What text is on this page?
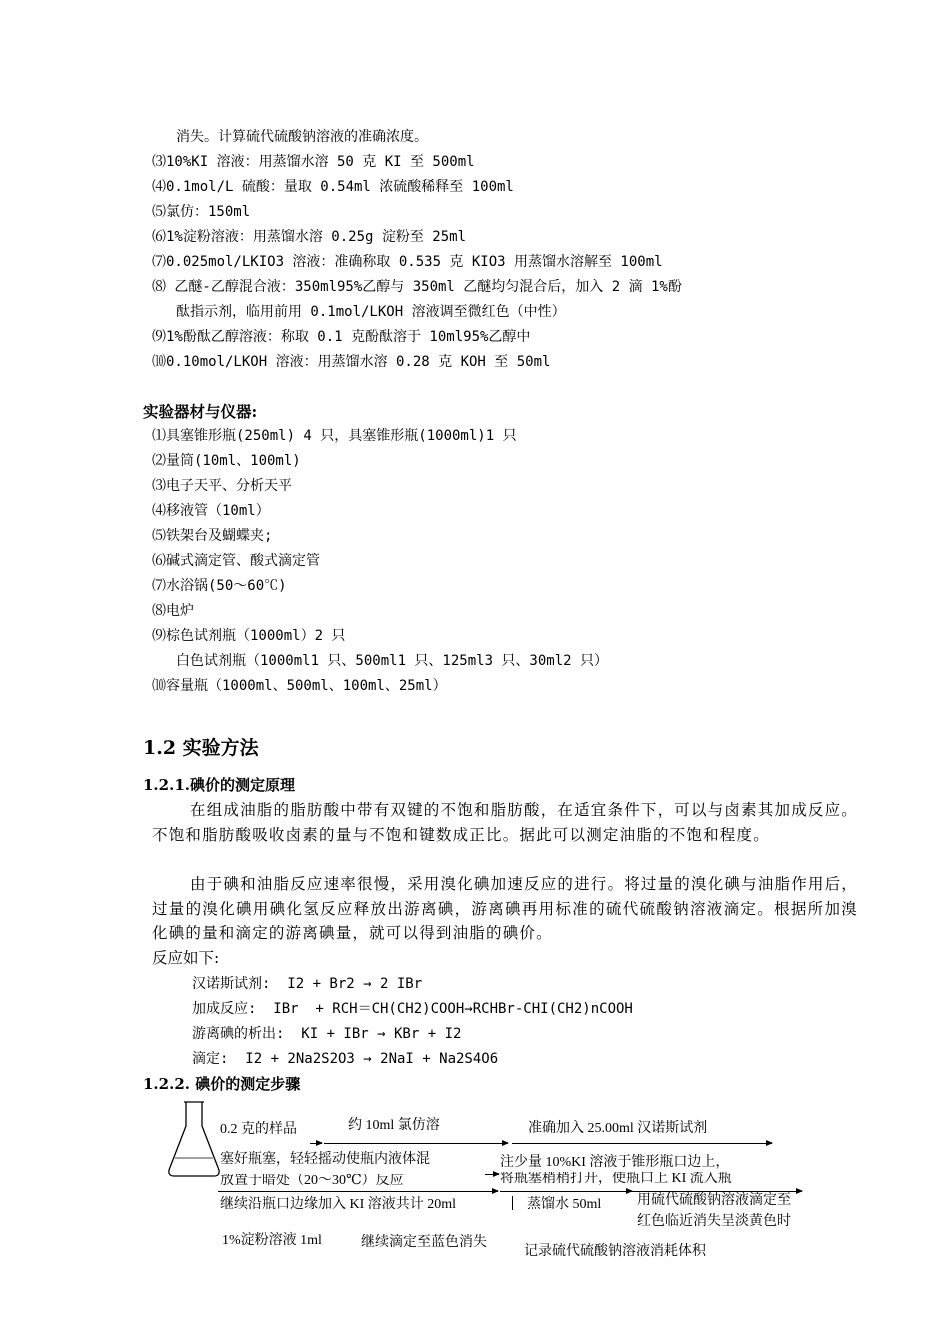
消失。计算硫代硫酸钠溶液的准确浓度。
⑶10%KI 溶液：用蒸馏水溶 50 克 KI 至 500ml
⑷0.1mol/L 硫酸：量取 0.54ml 浓硫酸稀释至 100ml
⑸氯仿：150ml
⑹1%淀粉溶液：用蒸馏水溶 0.25g 淀粉至 25ml
⑺0.025mol/LKIO3 溶液：准确称取 0.535 克 KIO3 用蒸馏水溶解至 100ml
⑻ 乙醚-乙醇混合液：350ml95%乙醇与 350ml 乙醚均匀混合后，加入 2 滴 1%酚
酞指示剂，临用前用 0.1mol/LKOH 溶液调至微红色（中性）
⑼1%酚酞乙醇溶液：称取 0.1 克酚酞溶于 10ml95%乙醇中
⑽0.10mol/LKOH 溶液：用蒸馏水溶 0.28 克 KOH 至 50ml
实验器材与仪器:
⑴具塞锥形瓶(250ml) 4 只，具塞锥形瓶(1000ml)1 只
⑵量筒(10ml、100ml)
⑶电子天平、分析天平
⑷移液管（10ml）
⑸铁架台及蝴蝶夹;
⑹碱式滴定管、酸式滴定管
⑺水浴锅(50～60℃)
⑻电炉
⑼棕色试剂瓶（1000ml）2 只
白色试剂瓶（1000ml1 只、500ml1 只、125ml3 只、30ml2 只）
⑽容量瓶（1000ml、500ml、100ml、25ml）
1.2 实验方法
1.2.1.碘价的测定原理
在组成油脂的脂肪酸中带有双键的不饱和脂肪酸，在适宜条件下，可以与卤素其加成反应。不饱和脂肪酸吸收卤素的量与不饱和键数成正比。据此可以测定油脂的不饱和程度。
由于碘和油脂反应速率很慢，采用溴化碘加速反应的进行。将过量的溴化碘与油脂作用后，过量的溴化碘用碘化氢反应释放出游离碘，游离碘再用标准的硫代硫酸钠溶液滴定。根据所加溴化碘的量和滴定的游离碘量，就可以得到油脂的碘价。
反应如下:
汉诺斯试剂:  I2 + Br2 → 2 IBr
加成反应:  IBr  + RCH＝CH(CH2)COOH→RCHBr-CHI(CH2)nCOOH
游离碘的析出:  KI + IBr → KBr + I2
滴定:  I2 + 2Na2S2O3 → 2NaI + Na2S4O6
1.2.2. 碘价的测定步骤
0.2 克的样品	约 10ml 氯仿溶	准确加入 25.00ml 汉诺斯试剂
塞好瓶塞，轻轻摇动使瓶内液体混
放置于暗处（20～30℃）反应
注少量 10%KI 溶液于锥形瓶口边上，
将瓶塞稍稍打开，使瓶口上 KI 流入瓶
继续沿瓶口边缘加入 KI 溶液共计 20ml	蒸馏水 50ml	用硫代硫酸钠溶液滴定至
红色临近消失呈淡黄色时
1%淀粉溶液 1ml	继续滴定至蓝色消失
记录硫代硫酸钠溶液消耗体积
